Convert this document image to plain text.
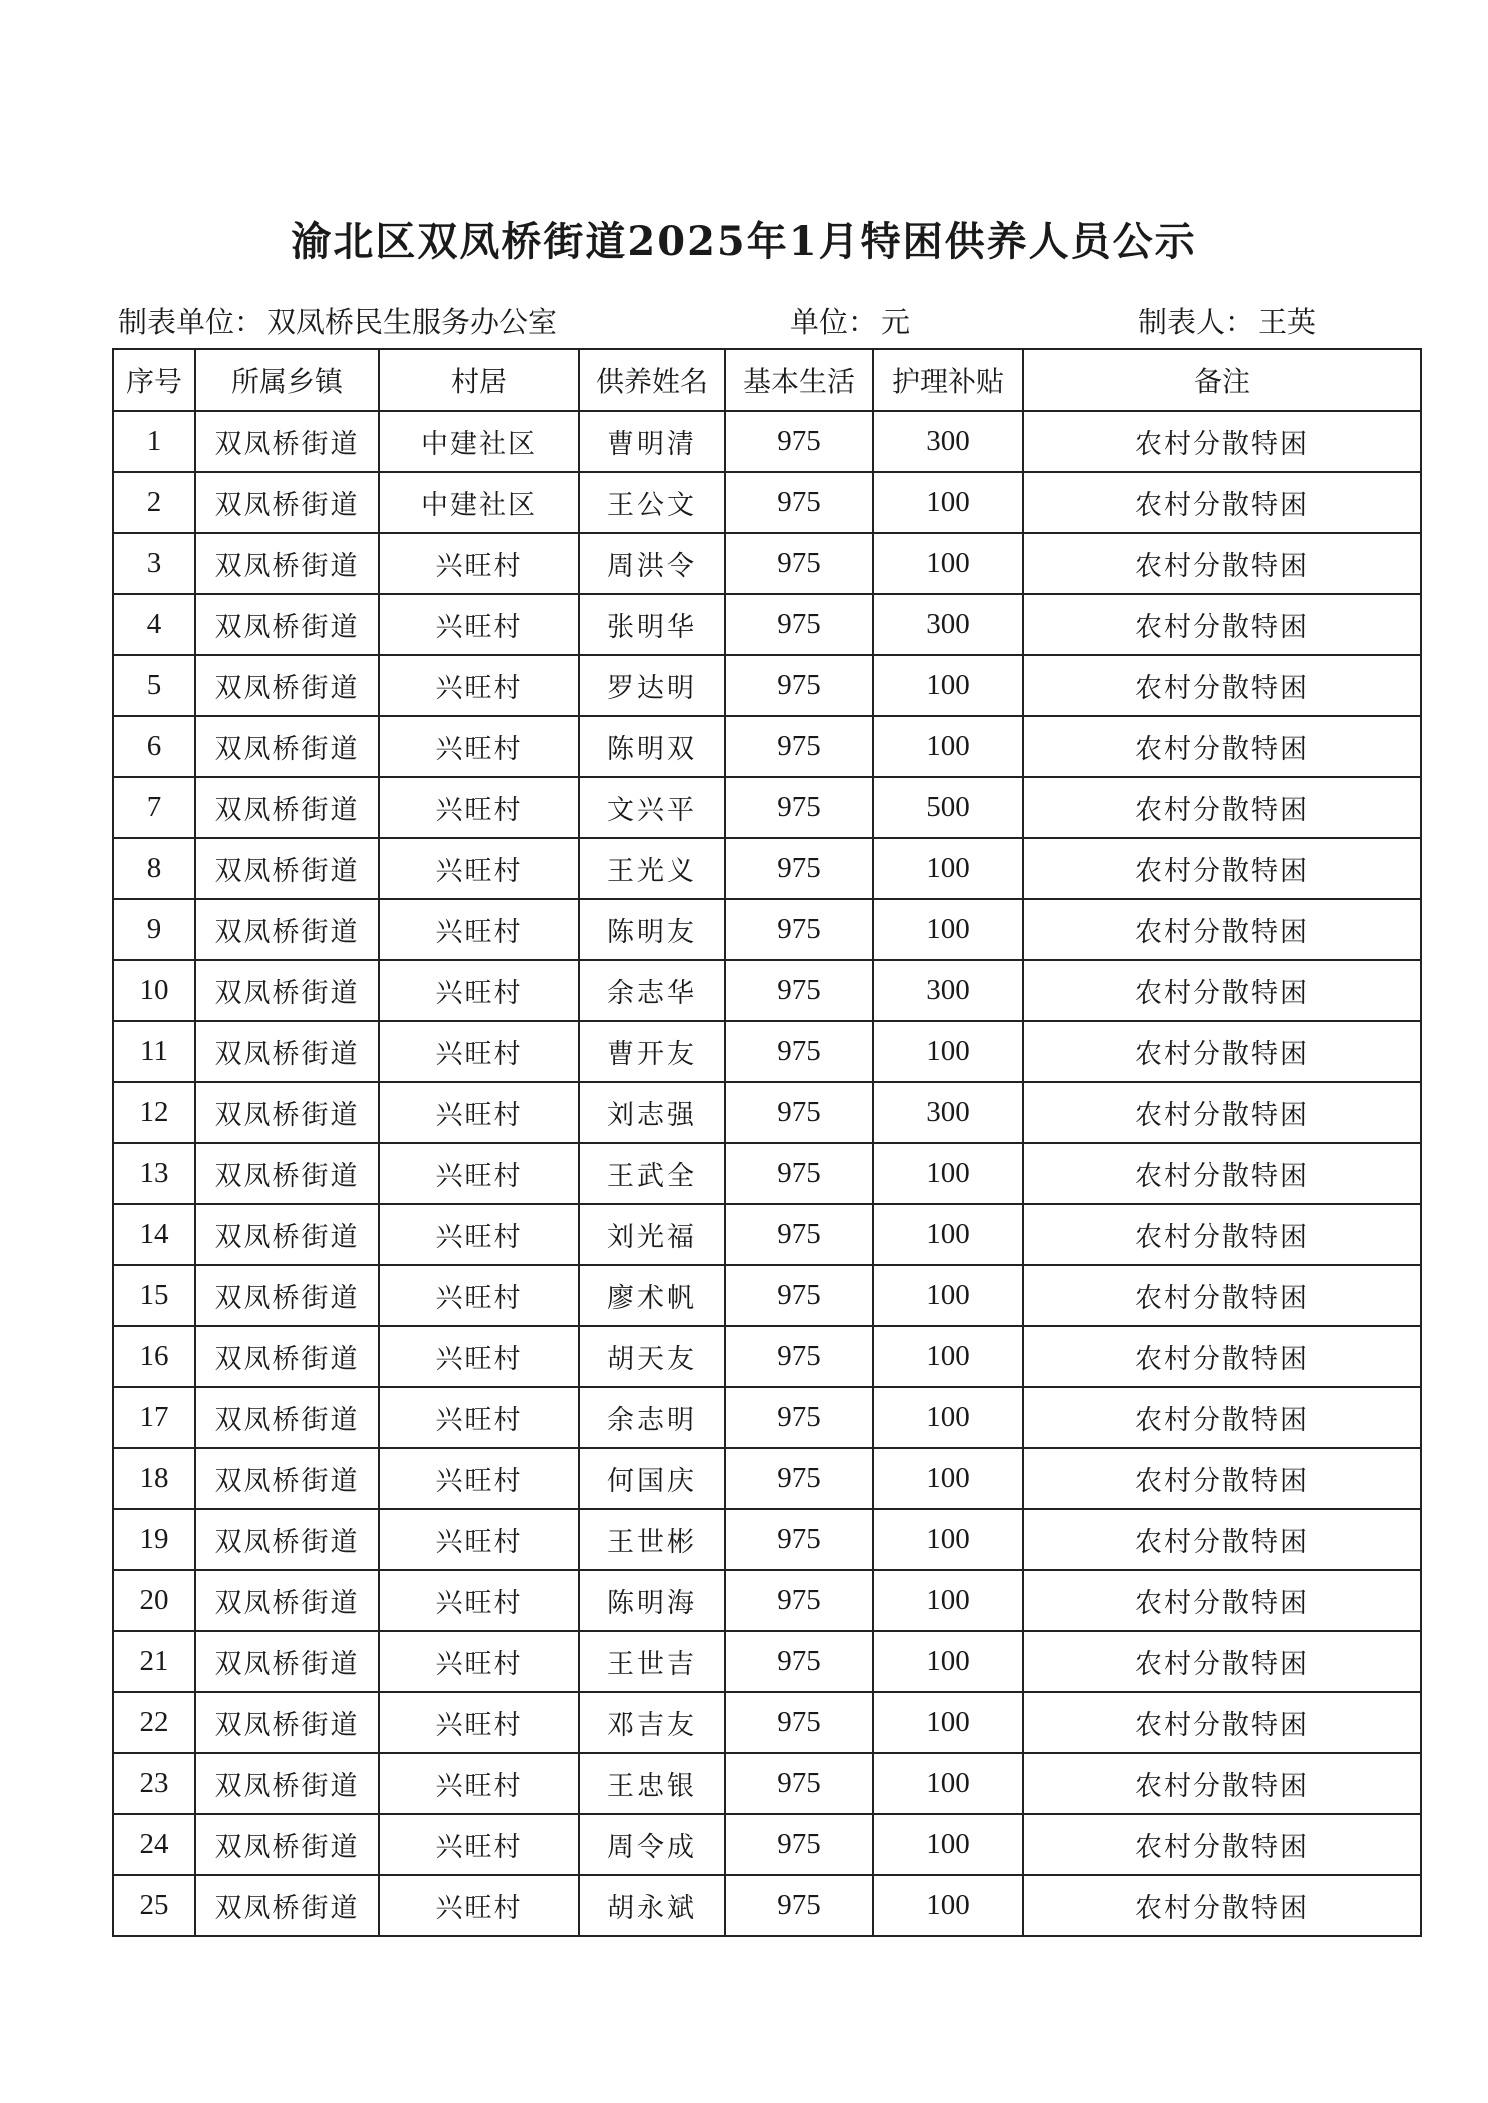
渝北区双凤桥街道2025年1月特困供养人员公示
制表单位： 双凤桥民生服务办公室	单位： 元	制表人： 王英
序号	所属乡镇	村居	供养姓名	基本生活	护理补贴	备注
1	双凤桥街道	中建社区	曹明清	975	300	农村分散特困
2	双凤桥街道	中建社区	王公文	975	100	农村分散特困
3	双凤桥街道	兴旺村	周洪令	975	100	农村分散特困
4	双凤桥街道	兴旺村	张明华	975	300	农村分散特困
5	双凤桥街道	兴旺村	罗达明	975	100	农村分散特困
6	双凤桥街道	兴旺村	陈明双	975	100	农村分散特困
7	双凤桥街道	兴旺村	文兴平	975	500	农村分散特困
8	双凤桥街道	兴旺村	王光义	975	100	农村分散特困
9	双凤桥街道	兴旺村	陈明友	975	100	农村分散特困
10	双凤桥街道	兴旺村	余志华	975	300	农村分散特困
11	双凤桥街道	兴旺村	曹开友	975	100	农村分散特困
12	双凤桥街道	兴旺村	刘志强	975	300	农村分散特困
13	双凤桥街道	兴旺村	王武全	975	100	农村分散特困
14	双凤桥街道	兴旺村	刘光福	975	100	农村分散特困
15	双凤桥街道	兴旺村	廖术帆	975	100	农村分散特困
16	双凤桥街道	兴旺村	胡天友	975	100	农村分散特困
17	双凤桥街道	兴旺村	余志明	975	100	农村分散特困
18	双凤桥街道	兴旺村	何国庆	975	100	农村分散特困
19	双凤桥街道	兴旺村	王世彬	975	100	农村分散特困
20	双凤桥街道	兴旺村	陈明海	975	100	农村分散特困
21	双凤桥街道	兴旺村	王世吉	975	100	农村分散特困
22	双凤桥街道	兴旺村	邓吉友	975	100	农村分散特困
23	双凤桥街道	兴旺村	王忠银	975	100	农村分散特困
24	双凤桥街道	兴旺村	周令成	975	100	农村分散特困
25	双凤桥街道	兴旺村	胡永斌	975	100	农村分散特困
